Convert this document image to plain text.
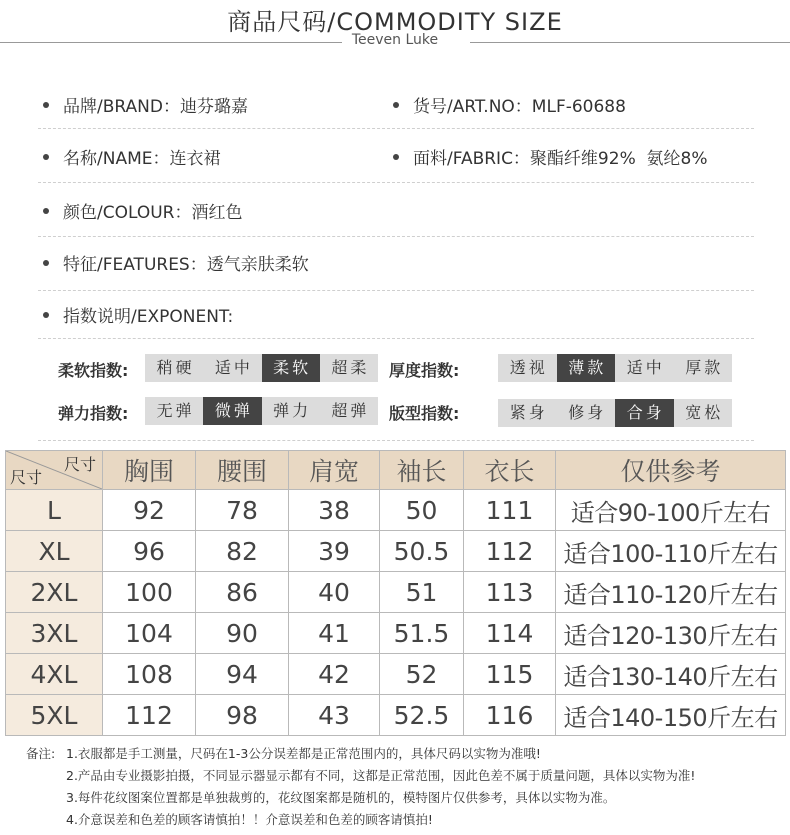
商品尺码/COMMODITY SIZE
Teeven Luke
品牌/BRAND：迪芬璐嘉	货号/ART.NO：MLF-60688
名称/NAME：连衣裙	面料/FABRIC：聚酯纤维92%  氨纶8%
颜色/COLOUR：酒红色
特征/FEATURES：透气亲肤柔软
指数说明/EXPONENT:
柔软指数:	稍硬	适中	柔软	超柔	厚度指数:	透视	薄款	适中	厚款
弹力指数:	无弹	微弹	弹力	超弹	版型指数:	紧身	修身	合身	宽松
尺寸
尺寸	胸围	腰围	肩宽	袖长	衣长	仅供参考
L	92	78	38	50	111	适合90-100斤左右
XL	96	82	39	50.5	112	适合100-110斤左右
2XL	100	86	40	51	113	适合110-120斤左右
3XL	104	90	41	51.5	114	适合120-130斤左右
4XL	108	94	42	52	115	适合130-140斤左右
5XL	112	98	43	52.5	116	适合140-150斤左右
备注: 1.衣服都是手工测量，尺码在1-3公分误差都是正常范围内的，具体尺码以实物为准哦!
2.产品由专业摄影拍摄，不同显示器显示都有不同，这都是正常范围，因此色差不属于质量问题，具体以实物为准!
3.每件花纹图案位置都是单独裁剪的，花纹图案都是随机的，模特图片仅供参考，具体以实物为准。
4.介意误差和色差的顾客请慎拍！！介意误差和色差的顾客请慎拍!
